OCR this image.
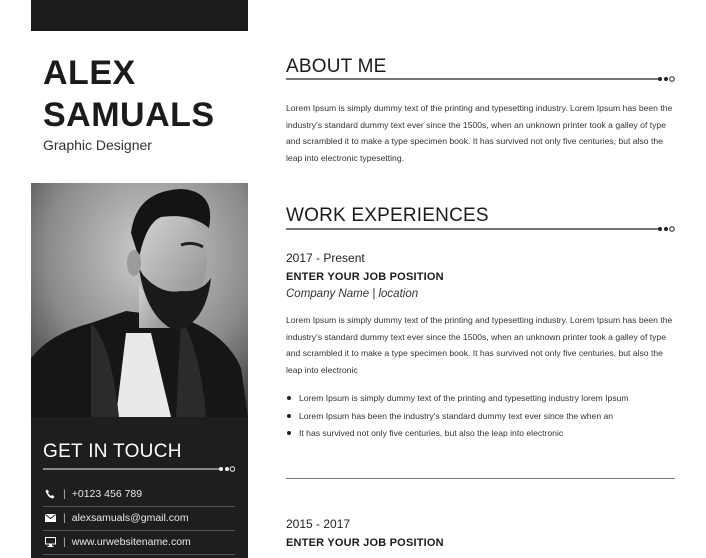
ALEX
SAMUALS
Graphic Designer
GET IN TOUCH
| +0123 456 789
| alexsamuals@gmail.com
| www.urwebsitename.com
ABOUT ME
Lorem Ipsum is simply dummy text of the printing and typesetting industry. Lorem Ipsum has been the industry's standard dummy text ever since the 1500s, when an unknown printer took a galley of type and scrambled it to make a type specimen book. It has survived not only five centuries, but also the leap into electronic typesetting.
WORK EXPERIENCES
2017 - Present
ENTER YOUR JOB POSITION
Company Name | location
Lorem Ipsum is simply dummy text of the printing and typesetting industry. Lorem Ipsum has been the industry's standard dummy text ever since the 1500s, when an unknown printer took a galley of type and scrambled it to make a type specimen book. It has survived not only five centuries, but also the leap into electronic
Lorem Ipsum is simply dummy text of the printing and typesetting industry lorem Ipsum
Lorem Ipsum has been the industry's standard dummy text ever since the when an
It has survived not only five centuries, but also the leap into electronic
2015 - 2017
ENTER YOUR JOB POSITION
